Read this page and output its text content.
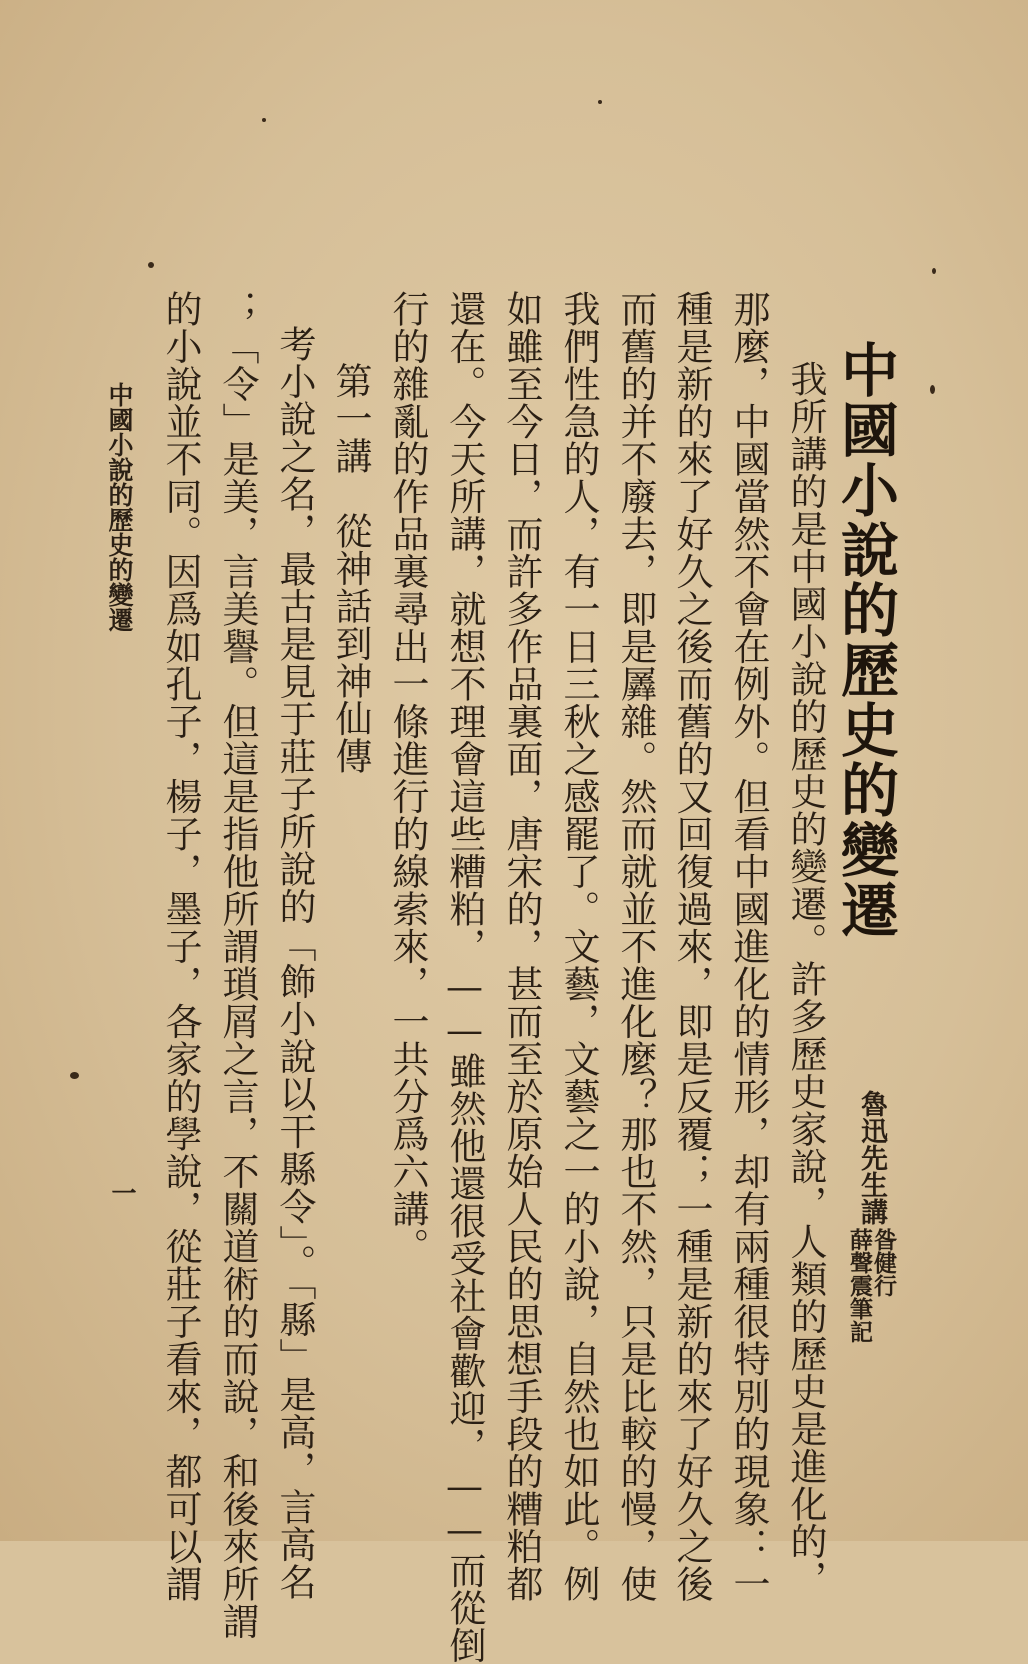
中國小說的歷史的變遷
魯迅先生講
昝健行
薛聲震筆記
我所講的是中國小說的歷史的變遷。許多歷史家說，人類的歷史是進化的，
那麼，中國當然不會在例外。但看中國進化的情形，却有兩種很特別的現象：一
種是新的來了好久之後而舊的又回復過來，即是反覆；一種是新的來了好久之後
而舊的并不廢去，即是羼雜。然而就並不進化麼？那也不然，只是比較的慢，使
我們性急的人，有一日三秋之感罷了。文藝，文藝之一的小說，自然也如此。例
如雖至今日，而許多作品裏面，唐宋的，甚而至於原始人民的思想手段的糟粕都
還在。今天所講，就想不理會這些糟粕，——雖然他還很受社會歡迎，——而從倒
行的雜亂的作品裏尋出一條進行的線索來，一共分爲六講。
第一講　從神話到神仙傳
考小說之名，最古是見于莊子所說的「飾小說以干縣令」。「縣」是高，言高名
；「令」是美，言美譽。但這是指他所謂瑣屑之言，不關道術的而說，和後來所謂
的小說並不同。因爲如孔子，楊子，墨子，各家的學說，從莊子看來，都可以謂
中國小說的歷史的變遷
一
